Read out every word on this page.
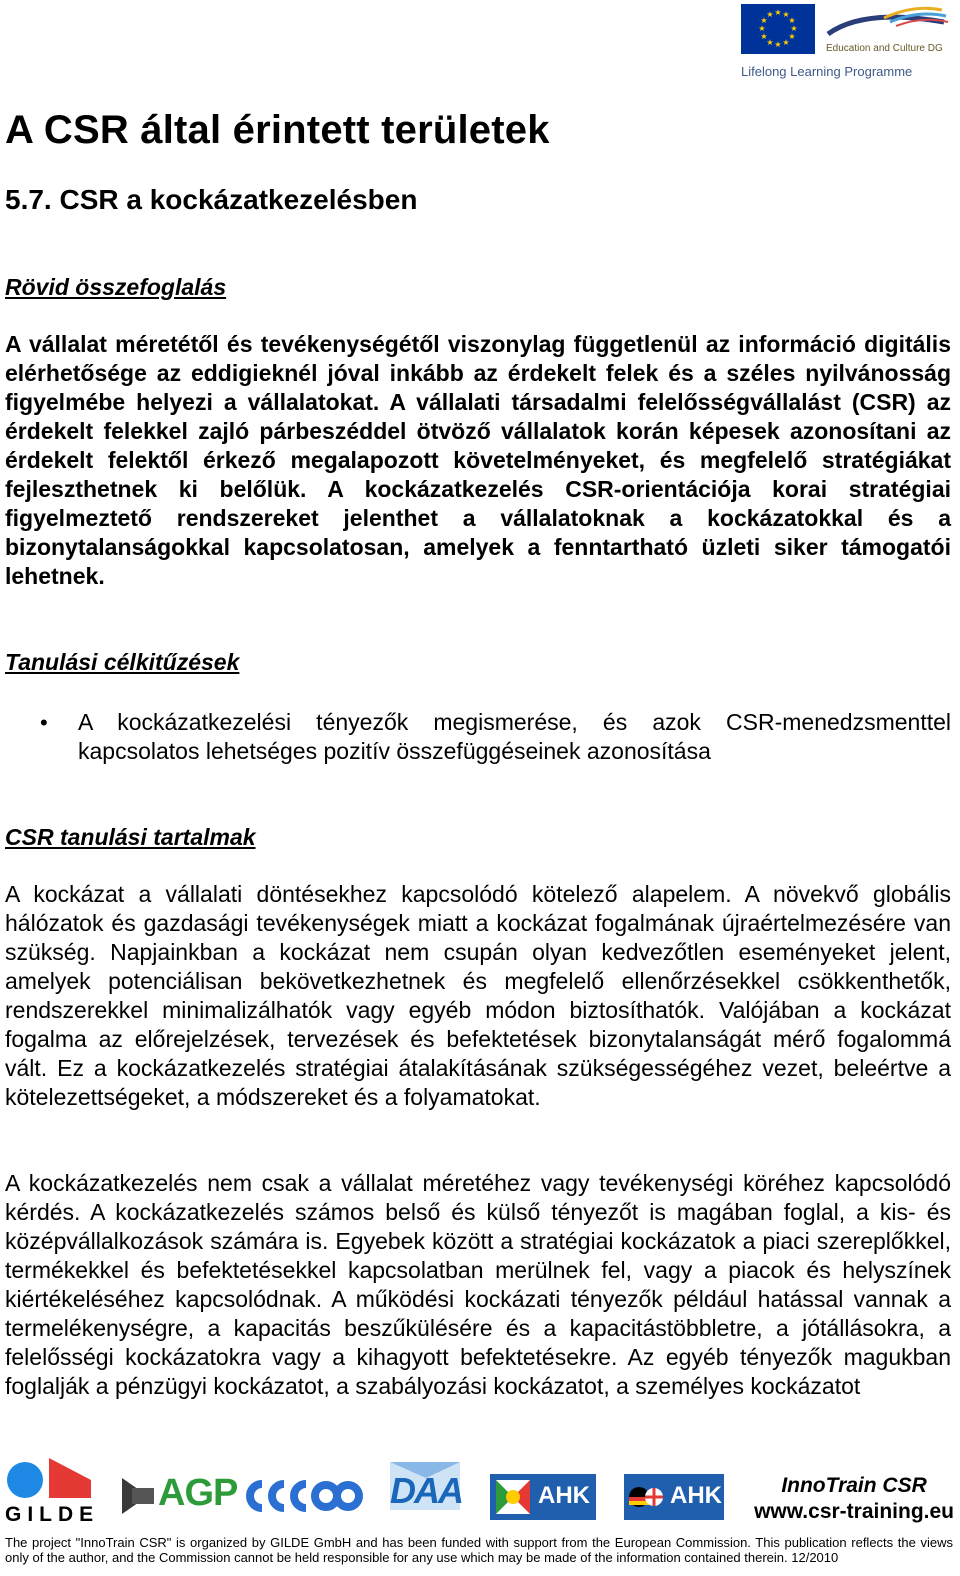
★ ★
★
★
★
★
★
★
★
★
★
★
Education and Culture DG
Lifelong Learning Programme
A CSR által érintett területek
5.7. CSR a kockázatkezelésben
Rövid összefoglalás

A vállalat méretétől és tevékenységétől viszonylag függetlenül az információ digitális elérhetősége az eddigieknél jóval inkább az érdekelt felek és a széles nyilvánosság figyelmébe helyezi a vállalatokat. A vállalati társadalmi felelősségvállalást (CSR) az érdekelt felekkel zajló párbeszéddel ötvöző vállalatok korán képesek azonosítani az érdekelt felektől érkező megalapozott követelményeket, és megfelelő stratégiákat fejleszthetnek ki belőlük. A kockázatkezelés CSR-orientációja korai stratégiai figyelmeztető rendszereket jelenthet a vállalatoknak a kockázatokkal és a bizonytalanságokkal kapcsolatosan, amelyek a fenntartható üzleti siker támogatói lehetnek.

Tanulási célkitűzések
• A kockázatkezelési tényezők megismerése, és azok CSR-menedzsmenttel kapcsolatos lehetséges pozitív összefüggéseinek azonosítása

CSR tanulási tartalmak

A kockázat a vállalati döntésekhez kapcsolódó kötelező alapelem. A növekvő globális hálózatok és gazdasági tevékenységek miatt a kockázat fogalmának újraértelmezésére van szükség. Napjainkban a kockázat nem csupán olyan kedvezőtlen eseményeket jelent, amelyek potenciálisan bekövetkezhetnek és megfelelő ellenőrzésekkel csökkenthetők, rendszerekkel minimalizálhatók vagy egyéb módon biztosíthatók. Valójában a kockázat fogalma az előrejelzések, tervezések és befektetések bizonytalanságát mérő fogalommá vált. Ez a kockázatkezelés stratégiai átalakításának szükségességéhez vezet, beleértve a kötelezettségeket, a módszereket és a folyamatokat.

A kockázatkezelés nem csak a vállalat méretéhez vagy tevékenységi köréhez kapcsolódó kérdés. A kockázatkezelés számos belső és külső tényezőt is magában foglal, a kis- és középvállalkozások számára is. Egyebek között a stratégiai kockázatok a piaci szereplőkkel, termékekkel és befektetésekkel kapcsolatban merülnek fel, vagy a piacok és helyszínek kiértékeléséhez kapcsolódnak. A működési kockázati tényezők például hatással vannak a termelékenységre, a kapacitás beszűkülésére és a kapacitástöbbletre, a jótállásokra, a felelősségi kockázatokra vagy a kihagyott befektetésekre. Az egyéb tényezők magukban foglalják a pénzügyi kockázatot, a szabályozási kockázatot, a személyes kockázatot

GILDE
AGP	DAA	AHK	AHK	InnoTrain CSR
www.csr-training.eu

The project "InnoTrain CSR" is organized by GILDE GmbH and has been funded with support from the European Commission. This publication reflects the views only of the author, and the Commission cannot be held responsible for any use which may be made of the information contained therein. 12/2010
